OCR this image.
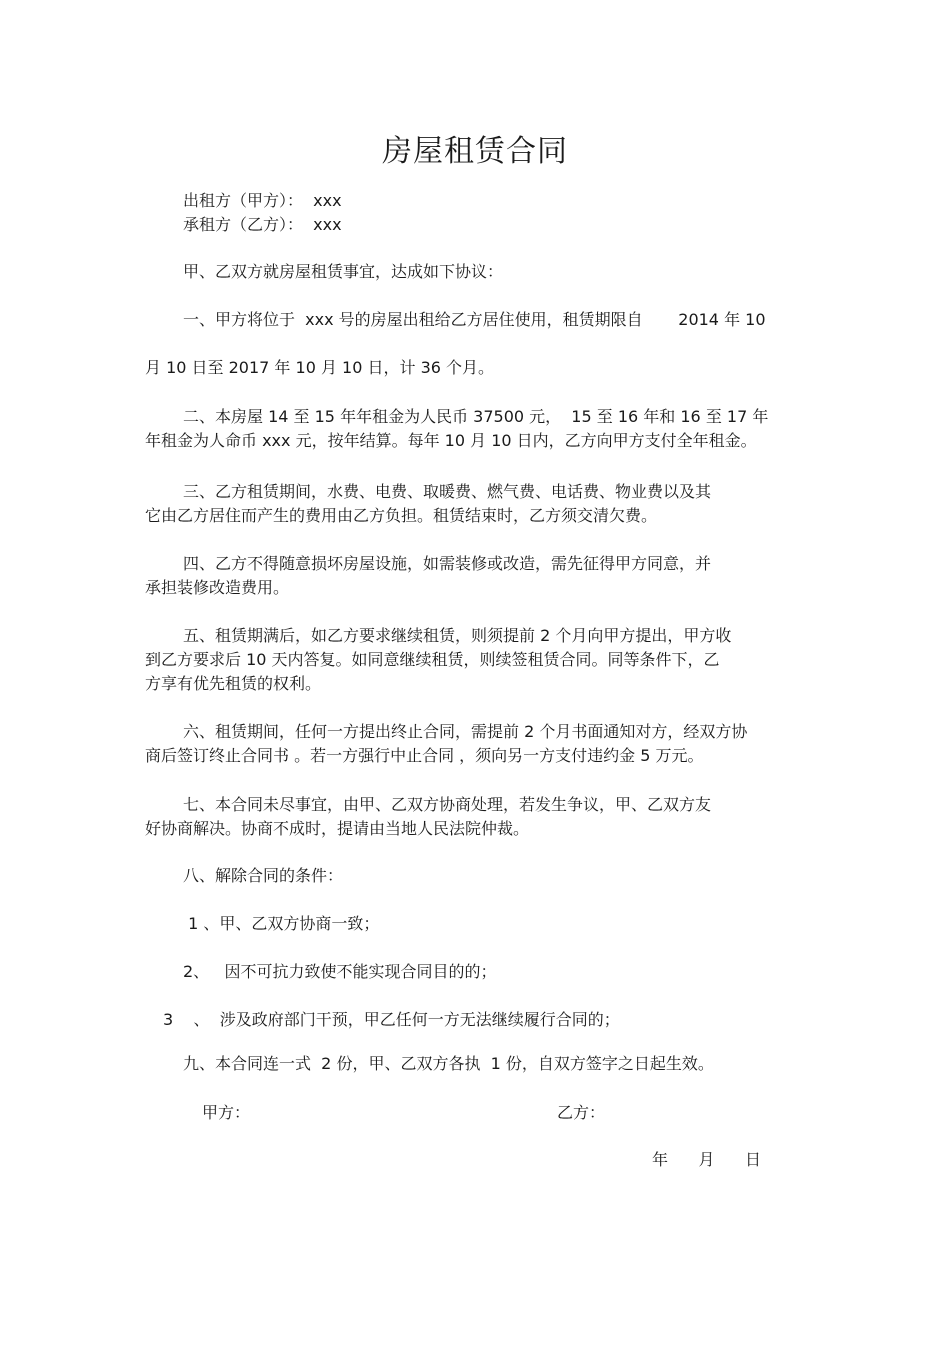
房屋租赁合同
出租方（甲方）：  xxx
承租方（乙方）：  xxx
甲、乙双方就房屋租赁事宜，达成如下协议：
一、甲方将位于  xxx 号的房屋出租给乙方居住使用，租赁期限自       2014 年 10
月 10 日至 2017 年 10 月 10 日，计 36 个月。
二、本房屋 14 至 15 年年租金为人民币 37500 元，  15 至 16 年和 16 至 17 年
年租金为人命币 xxx 元，按年结算。每年 10 月 10 日内，乙方向甲方支付全年租金。
三、乙方租赁期间，水费、电费、取暖费、燃气费、电话费、物业费以及其
它由乙方居住而产生的费用由乙方负担。租赁结束时，乙方须交清欠费。
四、乙方不得随意损坏房屋设施，如需装修或改造，需先征得甲方同意，并
承担装修改造费用。
五、租赁期满后，如乙方要求继续租赁，则须提前 2 个月向甲方提出，甲方收
到乙方要求后 10 天内答复。如同意继续租赁，则续签租赁合同。同等条件下，乙
方享有优先租赁的权利。
六、租赁期间，任何一方提出终止合同，需提前 2 个月书面通知对方，经双方协
商后签订终止合同书 。若一方强行中止合同 ，须向另一方支付违约金 5 万元。
七、本合同未尽事宜，由甲、乙双方协商处理，若发生争议，甲、乙双方友
好协商解决。协商不成时，提请由当地人民法院仲裁。
八、解除合同的条件：
1 、甲、乙双方协商一致；
2、   因不可抗力致使不能实现合同目的的；
3    、  涉及政府部门干预，甲乙任何一方无法继续履行合同的；
九、本合同连一式  2 份，甲、乙双方各执  1 份，自双方签字之日起生效。
甲方：	乙方：
年      月      日
